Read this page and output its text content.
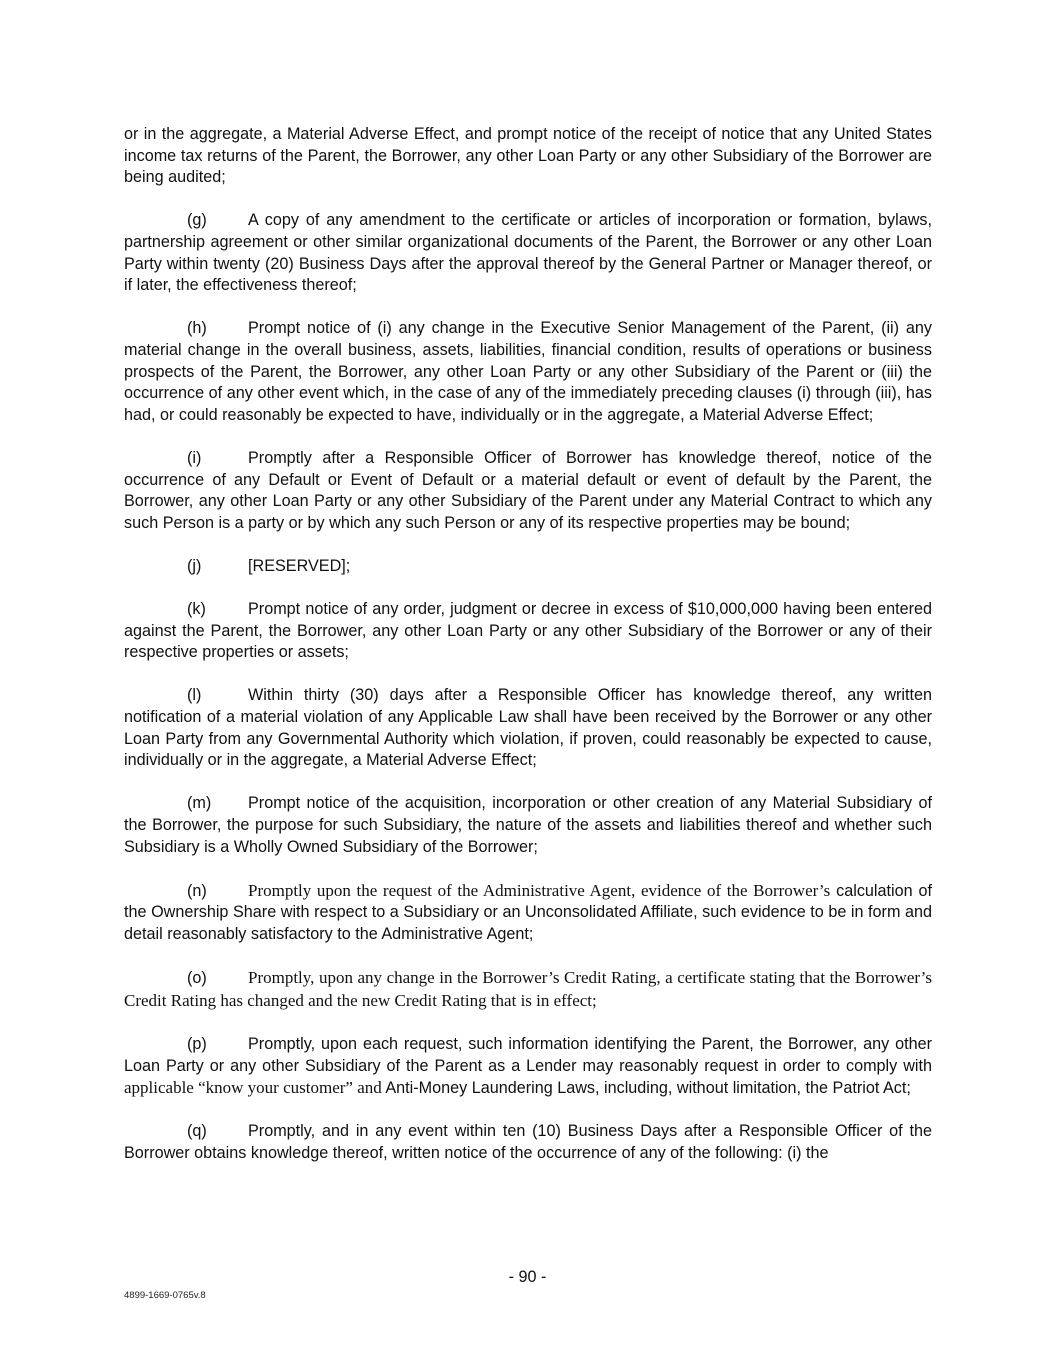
or in the aggregate, a Material Adverse Effect, and prompt notice of the receipt of notice that any United States income tax returns of the Parent, the Borrower, any other Loan Party or any other Subsidiary of the Borrower are being audited;

(g)	A copy of any amendment to the certificate or articles of incorporation or formation, bylaws, partnership agreement or other similar organizational documents of the Parent, the Borrower or any other Loan Party within twenty (20) Business Days after the approval thereof by the General Partner or Manager thereof, or if later, the effectiveness thereof;

(h)	Prompt notice of (i) any change in the Executive Senior Management of the Parent, (ii) any material change in the overall business, assets, liabilities, financial condition, results of operations or business prospects of the Parent, the Borrower, any other Loan Party or any other Subsidiary of the Parent or (iii) the occurrence of any other event which, in the case of any of the immediately preceding clauses (i) through (iii), has had, or could reasonably be expected to have, individually or in the aggregate, a Material Adverse Effect;

(i)	Promptly after a Responsible Officer of Borrower has knowledge thereof, notice of the occurrence of any Default or Event of Default or a material default or event of default by the Parent, the Borrower, any other Loan Party or any other Subsidiary of the Parent under any Material Contract to which any such Person is a party or by which any such Person or any of its respective properties may be bound;

(j)	[RESERVED];

(k)	Prompt notice of any order, judgment or decree in excess of $10,000,000 having been entered against the Parent, the Borrower, any other Loan Party or any other Subsidiary of the Borrower or any of their respective properties or assets;

(l)	Within thirty (30) days after a Responsible Officer has knowledge thereof, any written notification of a material violation of any Applicable Law shall have been received by the Borrower or any other Loan Party from any Governmental Authority which violation, if proven, could reasonably be expected to cause, individually or in the aggregate, a Material Adverse Effect;

(m) Prompt notice of the acquisition, incorporation or other creation of any Material Subsidiary of the Borrower, the purpose for such Subsidiary, the nature of the assets and liabilities thereof and whether such Subsidiary is a Wholly Owned Subsidiary of the Borrower;

(n) Promptly upon the request of the Administrative Agent, evidence of the Borrower’s calculation of the Ownership Share with respect to a Subsidiary or an Unconsolidated Affiliate, such evidence to be in form and detail reasonably satisfactory to the Administrative Agent;

(o) Promptly, upon any change in the Borrower’s Credit Rating, a certificate stating that the Borrower’s Credit Rating has changed and the new Credit Rating that is in effect;

(p)	Promptly, upon each request, such information identifying the Parent, the Borrower, any other Loan Party or any other Subsidiary of the Parent as a Lender may reasonably request in order to comply with applicable “know your customer” and Anti-Money Laundering Laws, including, without limitation, the Patriot Act;

(q)	Promptly, and in any event within ten (10) Business Days after a Responsible Officer of the Borrower obtains knowledge thereof, written notice of the occurrence of any of the following: (i) the

- 90 -
4899-1669-0765v.8
